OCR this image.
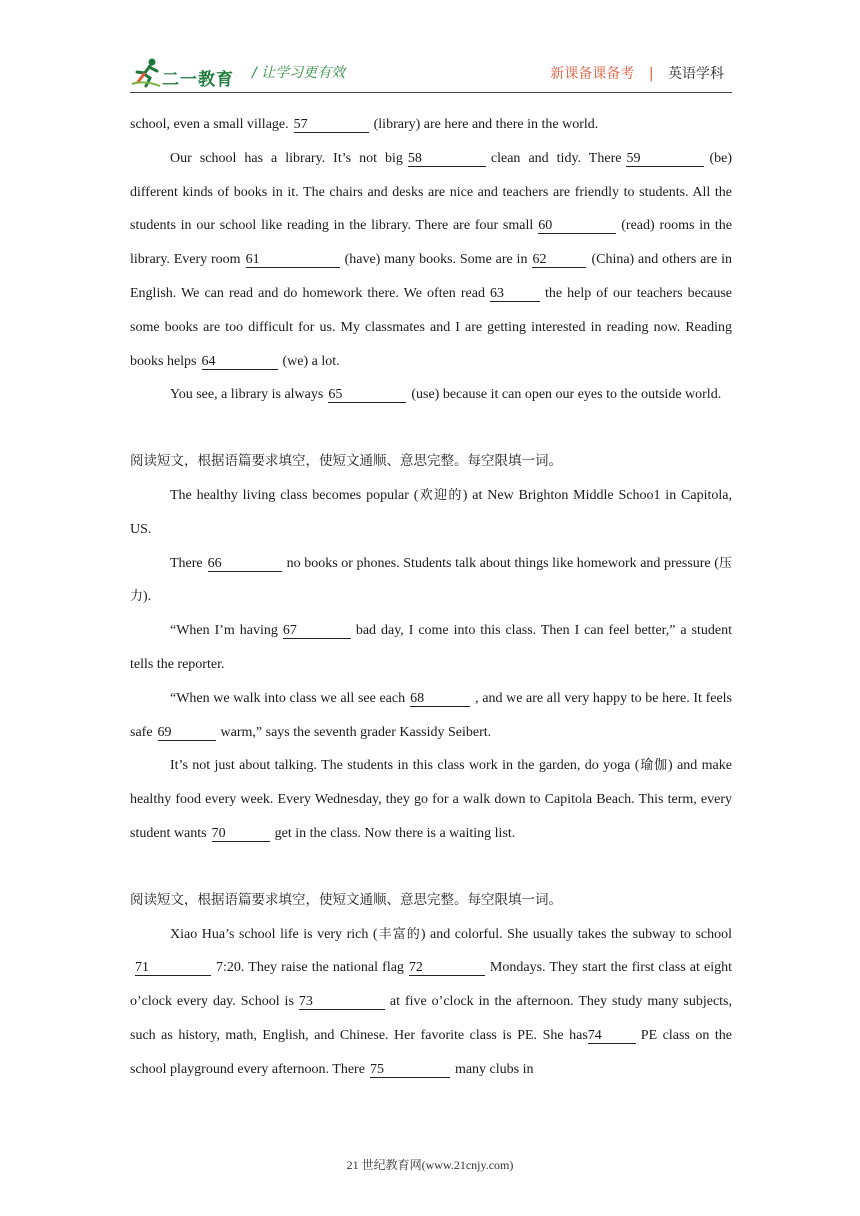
二一教育 / 让学习更有效	新课备课备考 | 英语学科

school, even a small village. 57	(library) are here and there in the world.

Our school has a library. It’s not big 58	clean and tidy. There 59	(be) different kinds of books in it. The chairs and desks are nice and teachers are friendly to students. All the students in our school like reading in the library. There are four small 60	(read) rooms in the library. Every room 61	(have) many books. Some are in 62	(China) and others are in English. We can read and do homework there. We often read 63	the help of our teachers because some books are too difficult for us. My classmates and I are getting interested in reading now. Reading books helps 64	(we) a lot.

You see, a library is always 65	(use) because it can open our eyes to the outside world.

阅读短文，根据语篇要求填空，使短文通顺、意思完整。每空限填一词。

The healthy living class becomes popular (欢迎的) at New Brighton Middle Schoo1 in Capitola, US.

There 66	no books or phones. Students talk about things like homework and pressure (压力).

“When I’m having 67	bad day, I come into this class. Then I can feel better,” a student tells the reporter.

“When we walk into class we all see each 68	, and we are all very happy to be here. It feels safe 69	warm,” says the seventh grader Kassidy Seibert.

It’s not just about talking. The students in this class work in the garden, do yoga (瑜伽) and make healthy food every week. Every Wednesday, they go for a walk down to Capitola Beach. This term, every student wants 70	get in the class. Now there is a waiting list.

阅读短文，根据语篇要求填空，使短文通顺、意思完整。每空限填一词。

Xiao Hua’s school life is very rich (丰富的) and colorful. She usually takes the subway to school71	7:20. They raise the national flag 72	Mondays. They start the first class at eight o’clock every day. School is 73	at five o’clock in the afternoon. They study many subjects, such as history, math, English, and Chinese. Her favorite class is PE. She has74	PE class on the school playground every afternoon. There 75	many clubs in

21 世纪教育网(www.21cnjy.com)
